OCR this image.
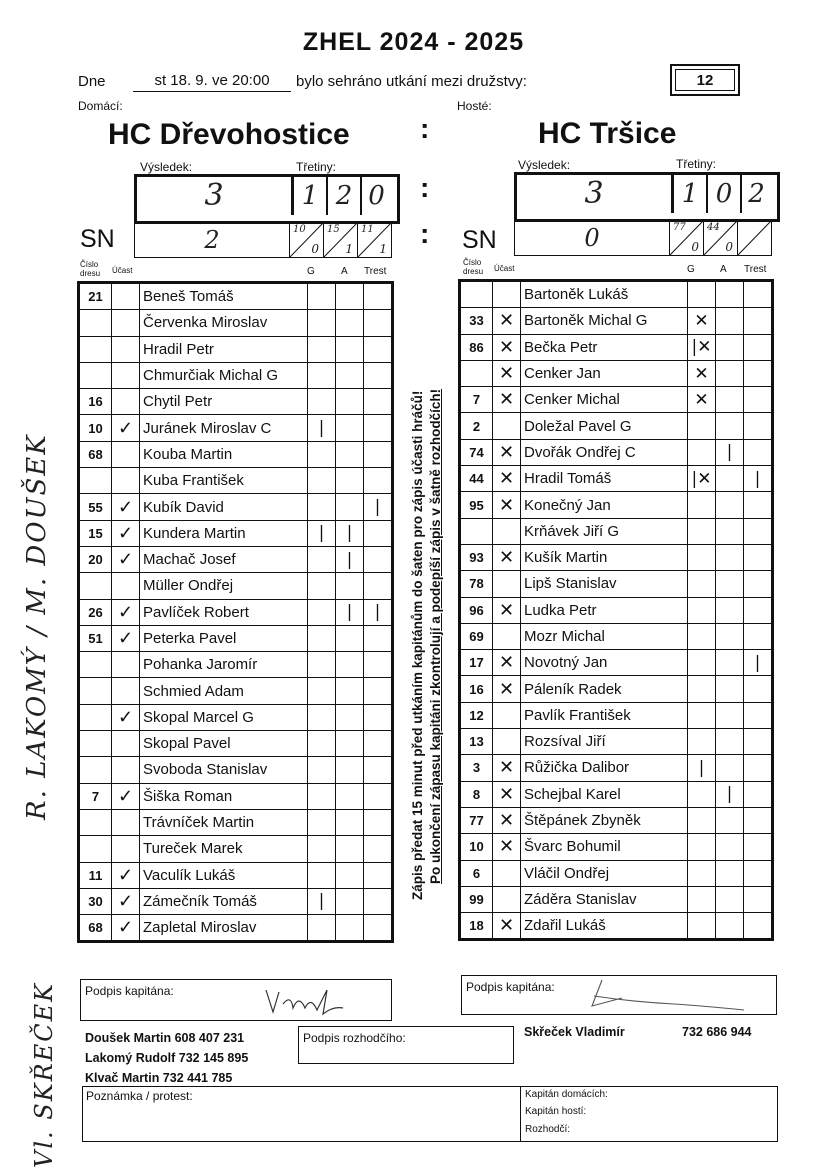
ZHEL 2024 - 2025
Dne	st 18. 9. ve 20:00	bylo sehráno utkání mezi družstvy:	12
Domácí:	Hosté:
HC Dřevohostice	HC Tršice
:
Výsledek:	Třetiny:
3	1 2 0 :
Výsledek:	Třetiny:
3	1 0 2
SN	2	10
0
15
1
11
1 : SN	0	77
0
44
0
Číslo dresu	Účast	G	A Trest
Číslo dresu	Účast	G	A Trest
21		Beneš Tomáš			
		Červenka Miroslav			
		Hradil Petr			
		Chmurčiak Michal G			
16		Chytil Petr			
10	✓	Juránek Miroslav C	|		
68		Kouba Martin			
		Kuba František			
55	✓	Kubík David			|
15	✓	Kundera Martin	|	|	
20	✓	Machač Josef		|	
		Müller Ondřej			
26	✓	Pavlíček Robert		|	|
51	✓	Peterka Pavel			
		Pohanka Jaromír			
		Schmied Adam			
	✓	Skopal Marcel G			
		Skopal Pavel			
		Svoboda Stanislav			
7	✓	Šiška Roman			
		Trávníček Martin			
		Tureček Marek			
11	✓	Vaculík Lukáš			
30	✓	Zámečník Tomáš	|		
68	✓	Zapletal Miroslav			
		Bartoněk Lukáš			
33	✕	Bartoněk Michal G	✕		
86	✕	Bečka Petr	|✕		
	✕	Cenker Jan	✕		
7	✕	Cenker Michal	✕		
2		Doležal Pavel G			
74	✕	Dvořák Ondřej C		|	
44	✕	Hradil Tomáš	|✕		|
95	✕	Konečný Jan			
		Krňávek Jiří G			
93	✕	Kušík Martin			
78		Lipš Stanislav			
96	✕	Ludka Petr			
69		Mozr Michal			
17	✕	Novotný Jan			|
16	✕	Páleník Radek			
12		Pavlík František			
13		Rozsíval Jiří			
3	✕	Růžička Dalibor	|		
8	✕	Schejbal Karel		|	
77	✕	Štěpánek Zbyněk			
10	✕	Švarc Bohumil			
6		Vláčil Ondřej			
99		Záděra Stanislav			
18	✕	Zdařil Lukáš			
Zápis předat 15 minut před utkáním kapitánům do šaten pro zápis účasti hráčů! Po ukončení zápasu kapitáni zkontrolují a podepíší zápis v šatně rozhodčích!
R. LAKOMÝ / M. DOUŠEK
Vl. SKŘEČEK Podpis kapitána:	Podpis kapitána:
Doušek Martin 608 407 231
Lakomý Rudolf 732 145 895
Klvač Martin 732 441 785
Podpis rozhodčího:	Skřeček Vladimír	732 686 944
Poznámka / protest:	Kapitán domácích:
Kapitán hostí:
Rozhodčí:
